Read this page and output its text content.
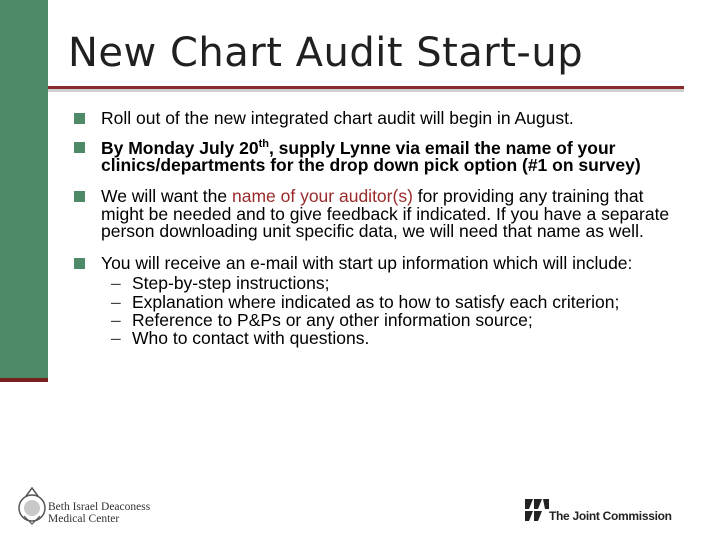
New Chart Audit Start-up
Roll out of the new integrated chart audit will begin in August.
By Monday July 20th, supply Lynne via email the name of your clinics/departments for the drop down pick option (#1 on survey)
We will want the name of your auditor(s) for providing any training that might be needed and to give feedback if indicated. If you have a separate person downloading unit specific data, we will need that name as well.
You will receive an e-mail with start up information which will include:
– Step-by-step instructions;
– Explanation where indicated as to how to satisfy each criterion;
– Reference to P&Ps or any other information source;
– Who to contact with questions.
Beth Israel Deaconess
Medical Center	The Joint Commission
